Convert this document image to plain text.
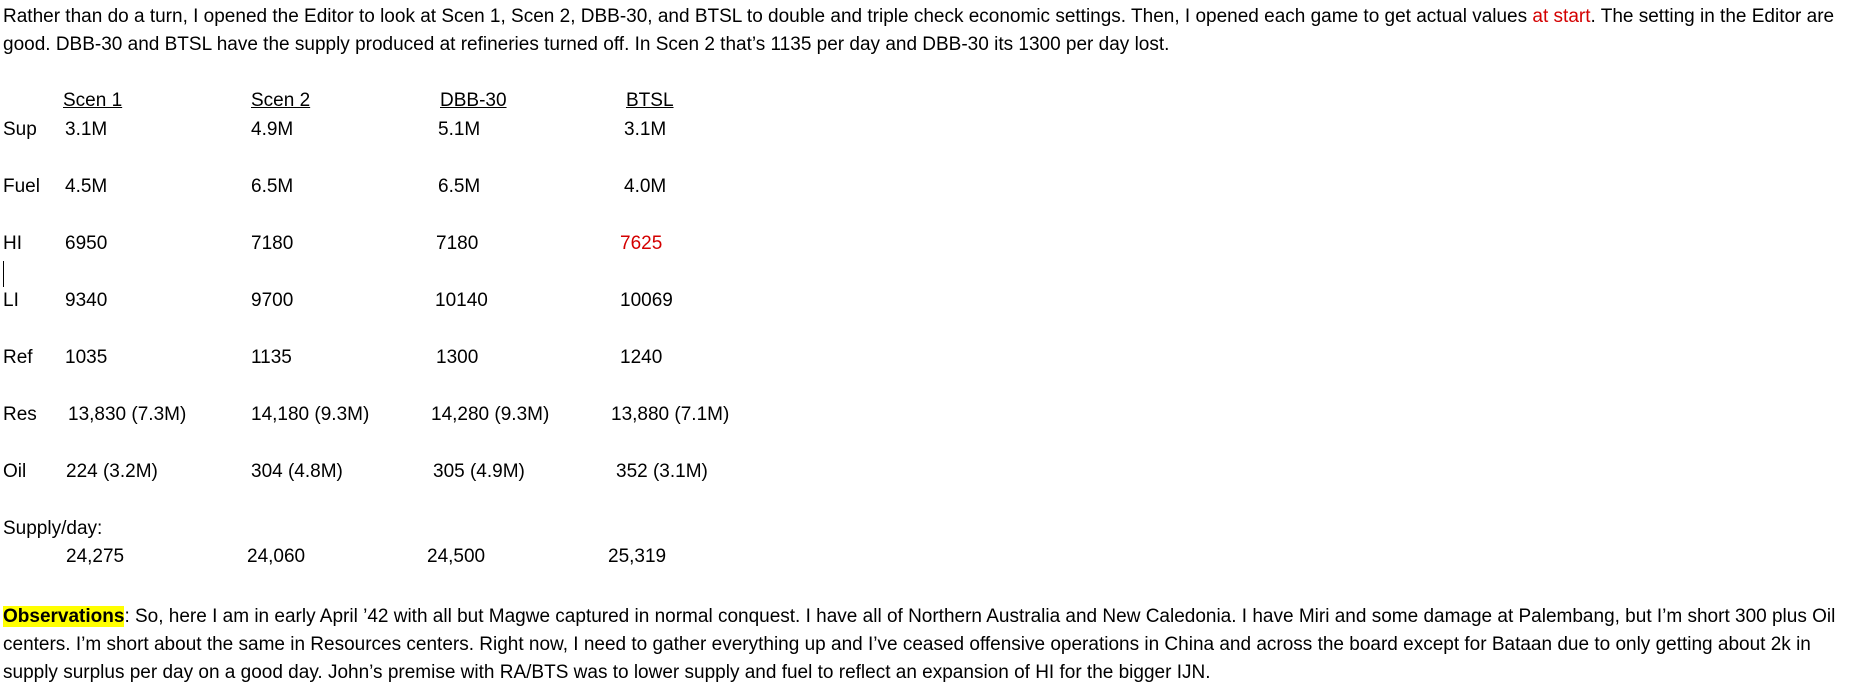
Rather than do a turn, I opened the Editor to look at Scen 1, Scen 2, DBB-30, and BTSL to double and triple check economic settings. Then, I opened each game to get actual values at start. The setting in the Editor are good. DBB-30 and BTSL have the supply produced at refineries turned off. In Scen 2 that’s 1135 per day and DBB-30 its 1300 per day lost.

Scen 1	Scen 2	DBB-30	BTSL
Sup 3.1M	4.9M	5.1M	3.1M
Fuel 4.5M	6.5M	6.5M	4.0M
HI 6950	7180	7180	7625
LI 9340	9700	10140	10069
Ref 1035	1135	1300	1240
Res 13,830 (7.3M)	14,180 (9.3M)	14,280 (9.3M)	13,880 (7.1M)
Oil 224 (3.2M)	304 (4.8M)	305 (4.9M)	352 (3.1M)
Supply/day:
24,275	24,060	24,500	25,319

Observations: So, here I am in early April ’42 with all but Magwe captured in normal conquest. I have all of Northern Australia and New Caledonia. I have Miri and some damage at Palembang, but I’m short 300 plus Oil centers. I’m short about the same in Resources centers. Right now, I need to gather everything up and I’ve ceased offensive operations in China and across the board except for Bataan due to only getting about 2k in supply surplus per day on a good day. John’s premise with RA/BTS was to lower supply and fuel to reflect an expansion of HI for the bigger IJN.
